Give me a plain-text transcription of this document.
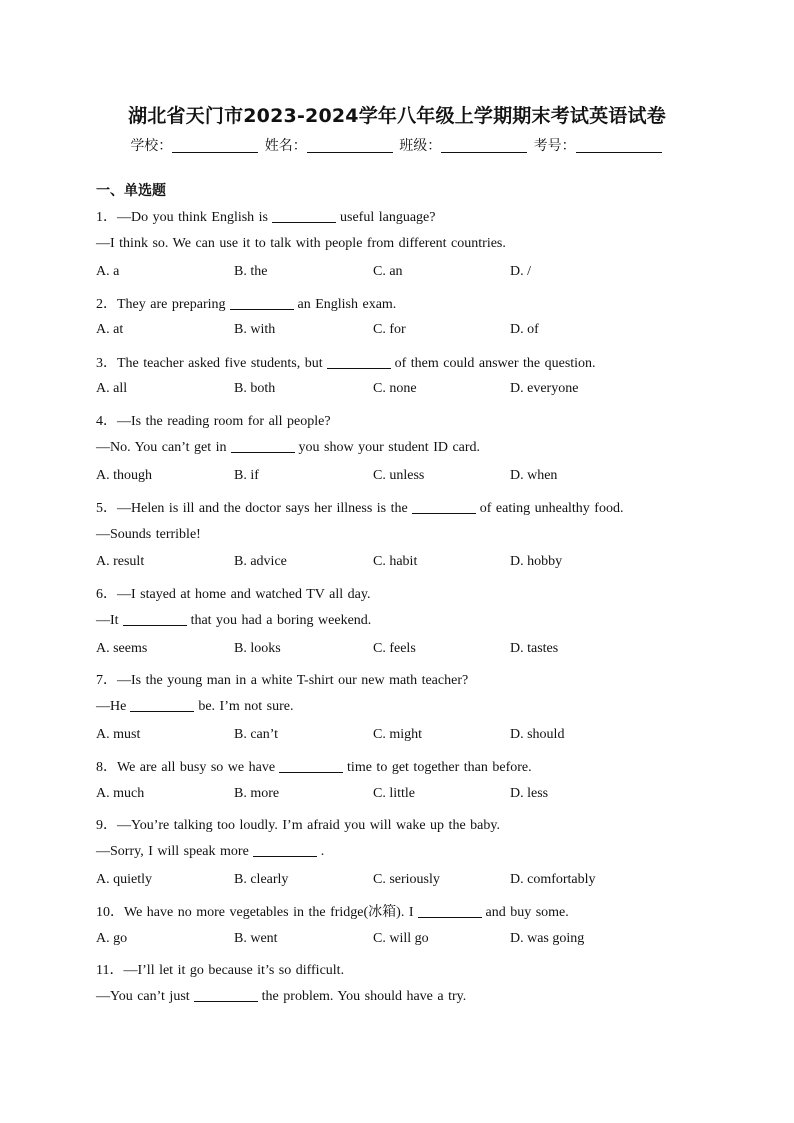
湖北省天门市2023-2024学年八年级上学期期末考试英语试卷
学校：	姓名：	班级：	考号：
一、单选题
1．—Do you think English is	useful language?
—I think so. We can use it to talk with people from different countries.
A. a	B. the	C. an	D. /
2．They are preparing	an English exam.
A. at	B. with	C. for	D. of
3．The teacher asked five students, but	of them could answer the question.
A. all	B. both	C. none	D. everyone
4．—Is the reading room for all people?
—No. You can’t get in	you show your student ID card.
A. though	B. if	C. unless	D. when
5．—Helen is ill and the doctor says her illness is the	of eating unhealthy food.
—Sounds terrible!
A. result	B. advice	C. habit	D. hobby
6．—I stayed at home and watched TV all day.
—It	that you had a boring weekend.
A. seems	B. looks	C. feels	D. tastes
7．—Is the young man in a white T-shirt our new math teacher?
—He	be. I’m not sure.
A. must	B. can’t	C. might	D. should
8．We are all busy so we have	time to get together than before.
A. much	B. more	C. little	D. less
9．—You’re talking too loudly. I’m afraid you will wake up the baby.
—Sorry, I will speak more	.
A. quietly	B. clearly	C. seriously	D. comfortably
10．We have no more vegetables in the fridge(冰箱). I	and buy some.
A. go	B. went	C. will go	D. was going
11．—I’ll let it go because it’s so difficult.
—You can’t just	the problem. You should have a try.
